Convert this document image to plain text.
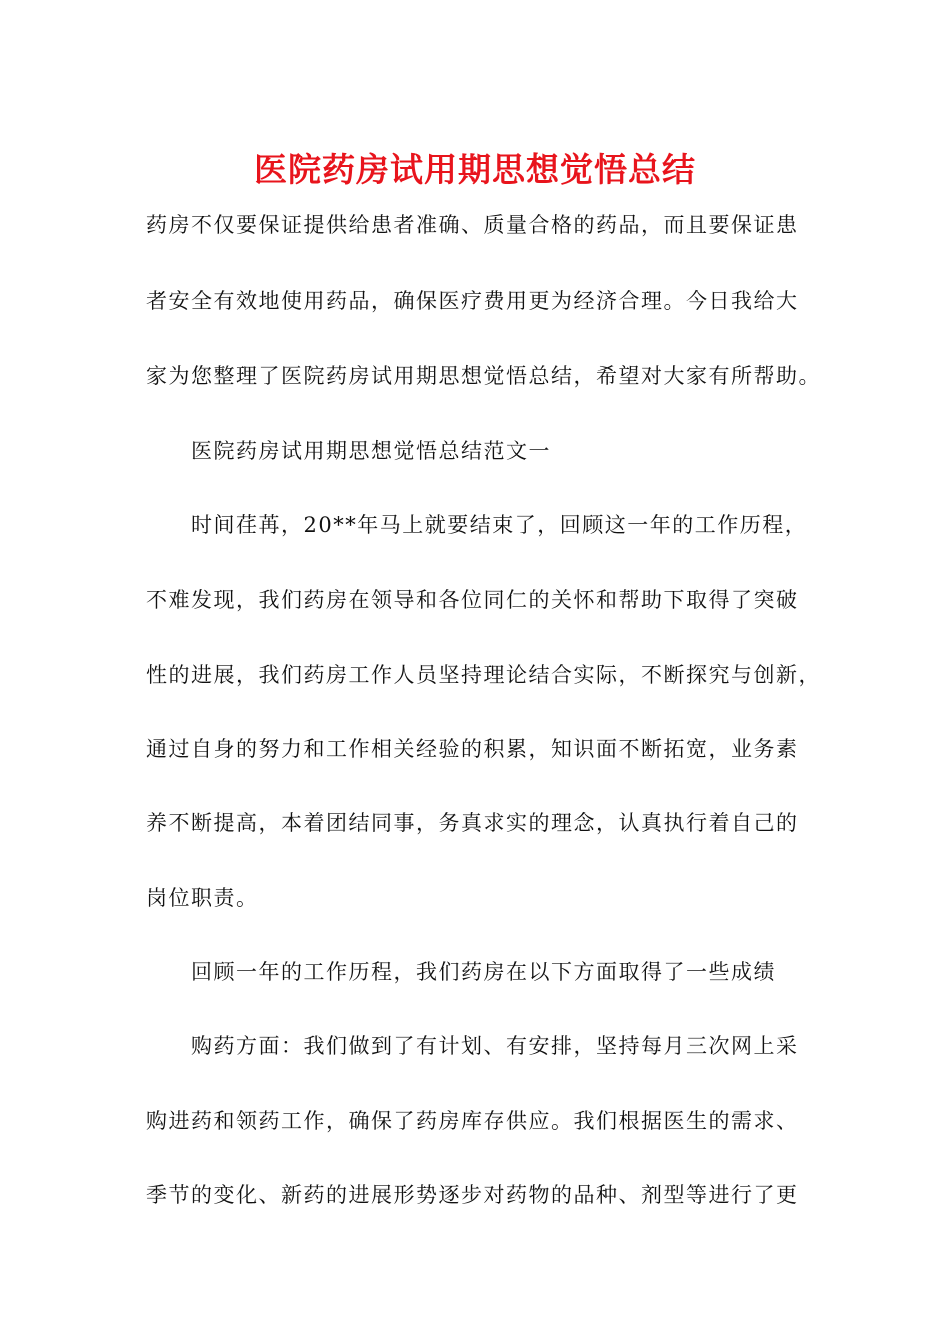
医院药房试用期思想觉悟总结
药房不仅要保证提供给患者准确、质量合格的药品，而且要保证患
者安全有效地使用药品，确保医疗费用更为经济合理。今日我给大
家为您整理了医院药房试用期思想觉悟总结，希望对大家有所帮助。
医院药房试用期思想觉悟总结范文一
时间荏苒，20**年马上就要结束了，回顾这一年的工作历程，
不难发现，我们药房在领导和各位同仁的关怀和帮助下取得了突破
性的进展，我们药房工作人员坚持理论结合实际，不断探究与创新，
通过自身的努力和工作相关经验的积累，知识面不断拓宽，业务素
养不断提高，本着团结同事，务真求实的理念，认真执行着自己的
岗位职责。
回顾一年的工作历程，我们药房在以下方面取得了一些成绩
购药方面：我们做到了有计划、有安排，坚持每月三次网上采
购进药和领药工作，确保了药房库存供应。我们根据医生的需求、
季节的变化、新药的进展形势逐步对药物的品种、剂型等进行了更
